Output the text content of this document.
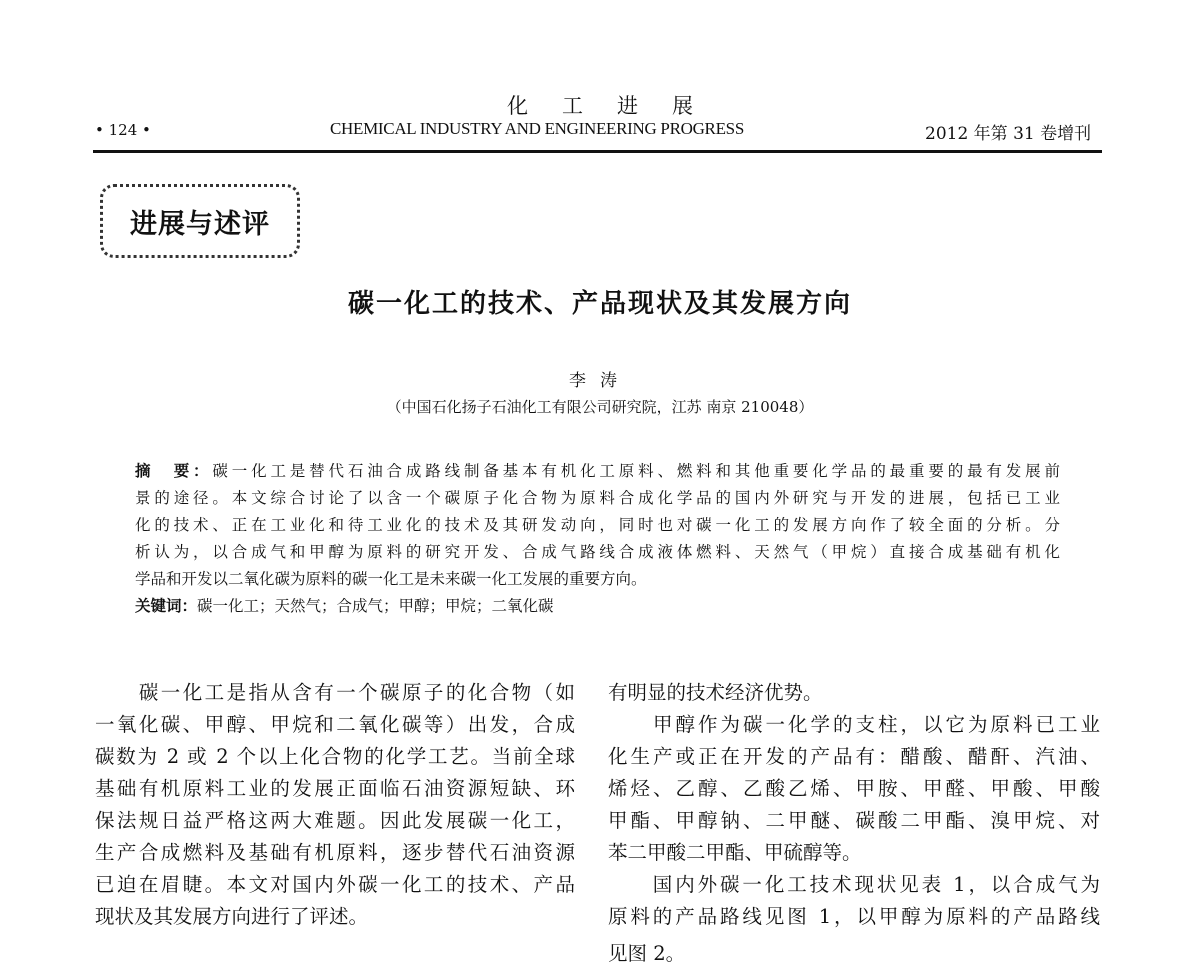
化工进展
• 124 •	CHEMICAL INDUSTRY AND ENGINEERING PROGRESS	2012 年第 31 卷增刊
进展与述评
碳一化工的技术、产品现状及其发展方向
李涛
（中国石化扬子石油化工有限公司研究院，江苏 南京 210048）
摘　要：碳一化工是替代石油合成路线制备基本有机化工原料、燃料和其他重要化学品的最重要的最有发展前
景的途径。本文综合讨论了以含一个碳原子化合物为原料合成化学品的国内外研究与开发的进展，包括已工业
化的技术、正在工业化和待工业化的技术及其研发动向，同时也对碳一化工的发展方向作了较全面的分析。分
析认为，以合成气和甲醇为原料的研究开发、合成气路线合成液体燃料、天然气（甲烷）直接合成基础有机化
学品和开发以二氧化碳为原料的碳一化工是未来碳一化工发展的重要方向。
关键词：碳一化工；天然气；合成气；甲醇；甲烷；二氧化碳
　　碳一化工是指从含有一个碳原子的化合物（如
一氧化碳、甲醇、甲烷和二氧化碳等）出发，合成
碳数为 2 或 2 个以上化合物的化学工艺。当前全球
基础有机原料工业的发展正面临石油资源短缺、环
保法规日益严格这两大难题。因此发展碳一化工，
生产合成燃料及基础有机原料，逐步替代石油资源
已迫在眉睫。本文对国内外碳一化工的技术、产品
现状及其发展方向进行了评述。
有明显的技术经济优势。
　　甲醇作为碳一化学的支柱，以它为原料已工业
化生产或正在开发的产品有：醋酸、醋酐、汽油、
烯烃、乙醇、乙酸乙烯、甲胺、甲醛、甲酸、甲酸
甲酯、甲醇钠、二甲醚、碳酸二甲酯、溴甲烷、对
苯二甲酸二甲酯、甲硫醇等。
　　国内外碳一化工技术现状见表 1，以合成气为
原料的产品路线见图 1，以甲醇为原料的产品路线
见图 2。
